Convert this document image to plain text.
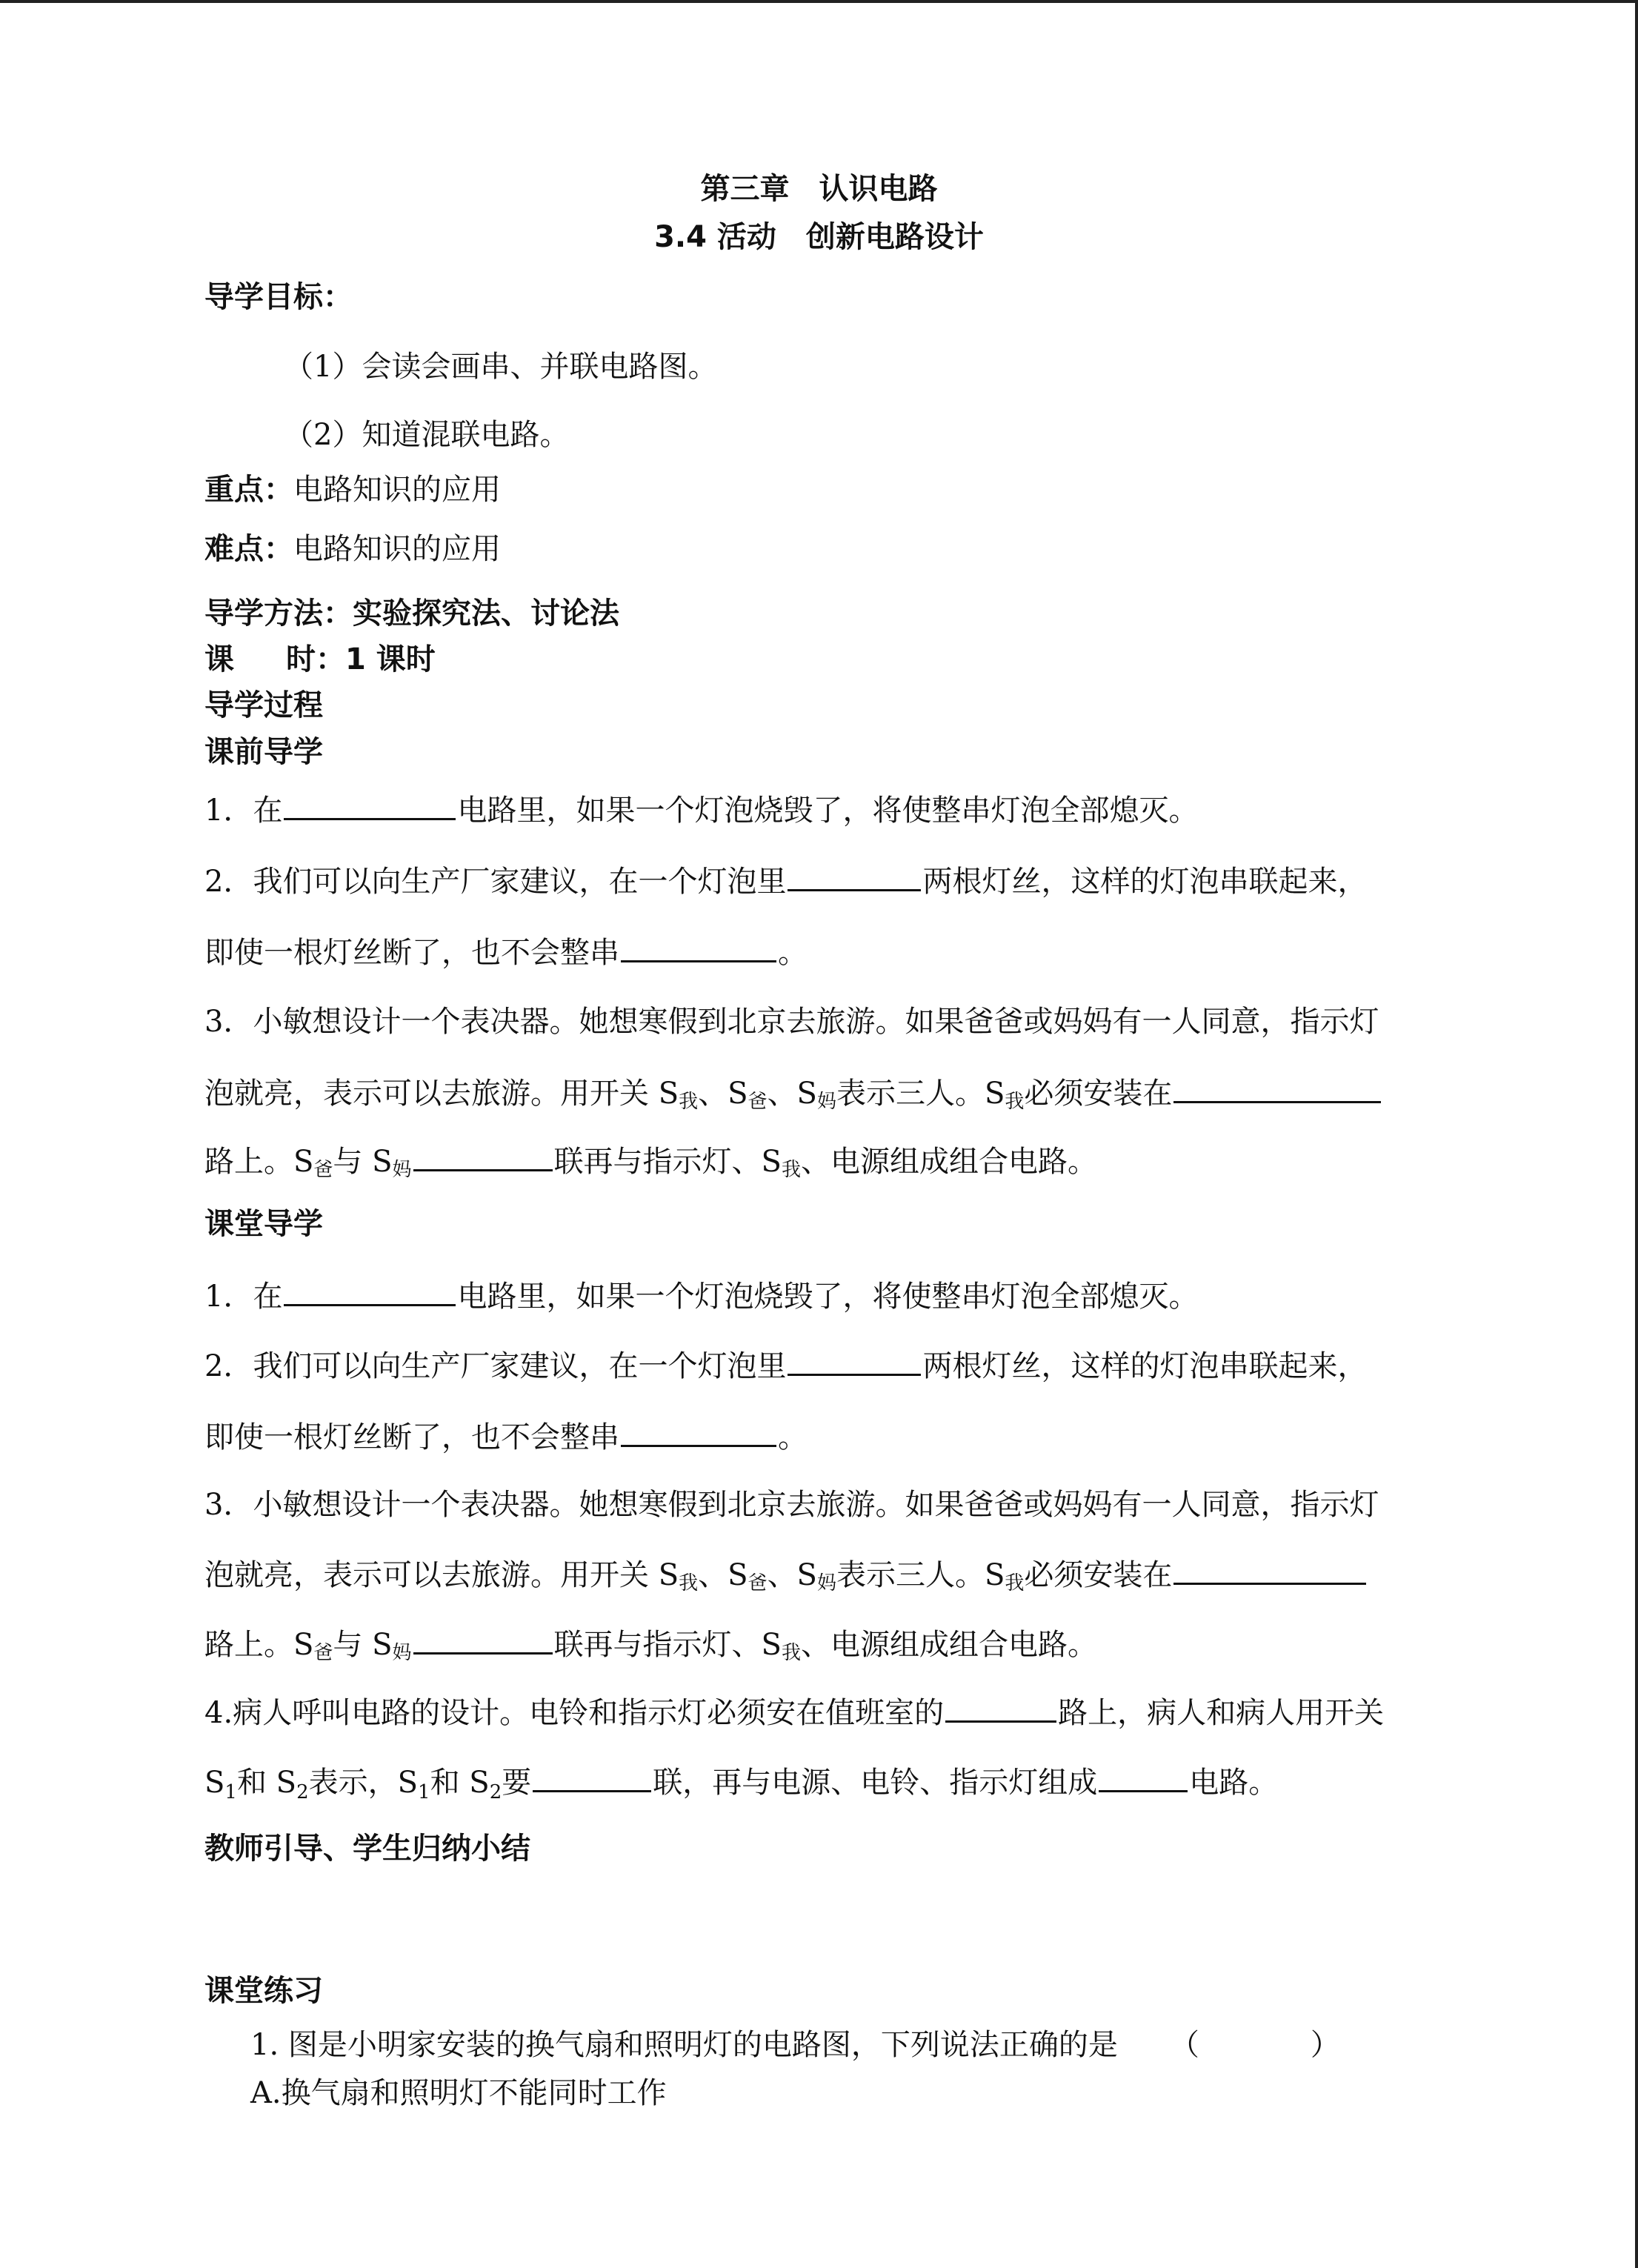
第三章 认识电路
3.4 活动 创新电路设计
导学目标：
（1）会读会画串、并联电路图。
（2）知道混联电路。
重点：电路知识的应用
难点：电路知识的应用
导学方法：实验探究法、讨论法
课 时：1 课时
导学过程
课前导学
1．在	电路里，如果一个灯泡烧毁了，将使整串灯泡全部熄灭。
2．我们可以向生产厂家建议，在一个灯泡里	两根灯丝，这样的灯泡串联起来，
即使一根灯丝断了，也不会整串	。
3．小敏想设计一个表决器。她想寒假到北京去旅游。如果爸爸或妈妈有一人同意，指示灯
泡就亮，表示可以去旅游。用开关 $S_我$、$S_爸$、$S_妈$表示三人。$S_我$必须安装在
路上。$S_爸$与 $S_妈$	联再与指示灯、$S_我$、电源组成组合电路。
课堂导学
1．在	电路里，如果一个灯泡烧毁了，将使整串灯泡全部熄灭。
2．我们可以向生产厂家建议，在一个灯泡里	两根灯丝，这样的灯泡串联起来，
即使一根灯丝断了，也不会整串	。
3．小敏想设计一个表决器。她想寒假到北京去旅游。如果爸爸或妈妈有一人同意，指示灯
泡就亮，表示可以去旅游。用开关 $S_我$、$S_爸$、$S_妈$表示三人。$S_我$必须安装在
路上。$S_爸$与 $S_妈$	联再与指示灯、$S_我$、电源组成组合电路。
4.病人呼叫电路的设计。电铃和指示灯必须安在值班室的	路上，病人和病人用开关
$S_1$和 $S_2$表示，$S_1$和 $S_2$要	联，再与电源、电铃、指示灯组成	电路。
教师引导、学生归纳小结
课堂练习
1. 图是小明家安装的换气扇和照明灯的电路图，下列说法正确的是 （	）
A.换气扇和照明灯不能同时工作
